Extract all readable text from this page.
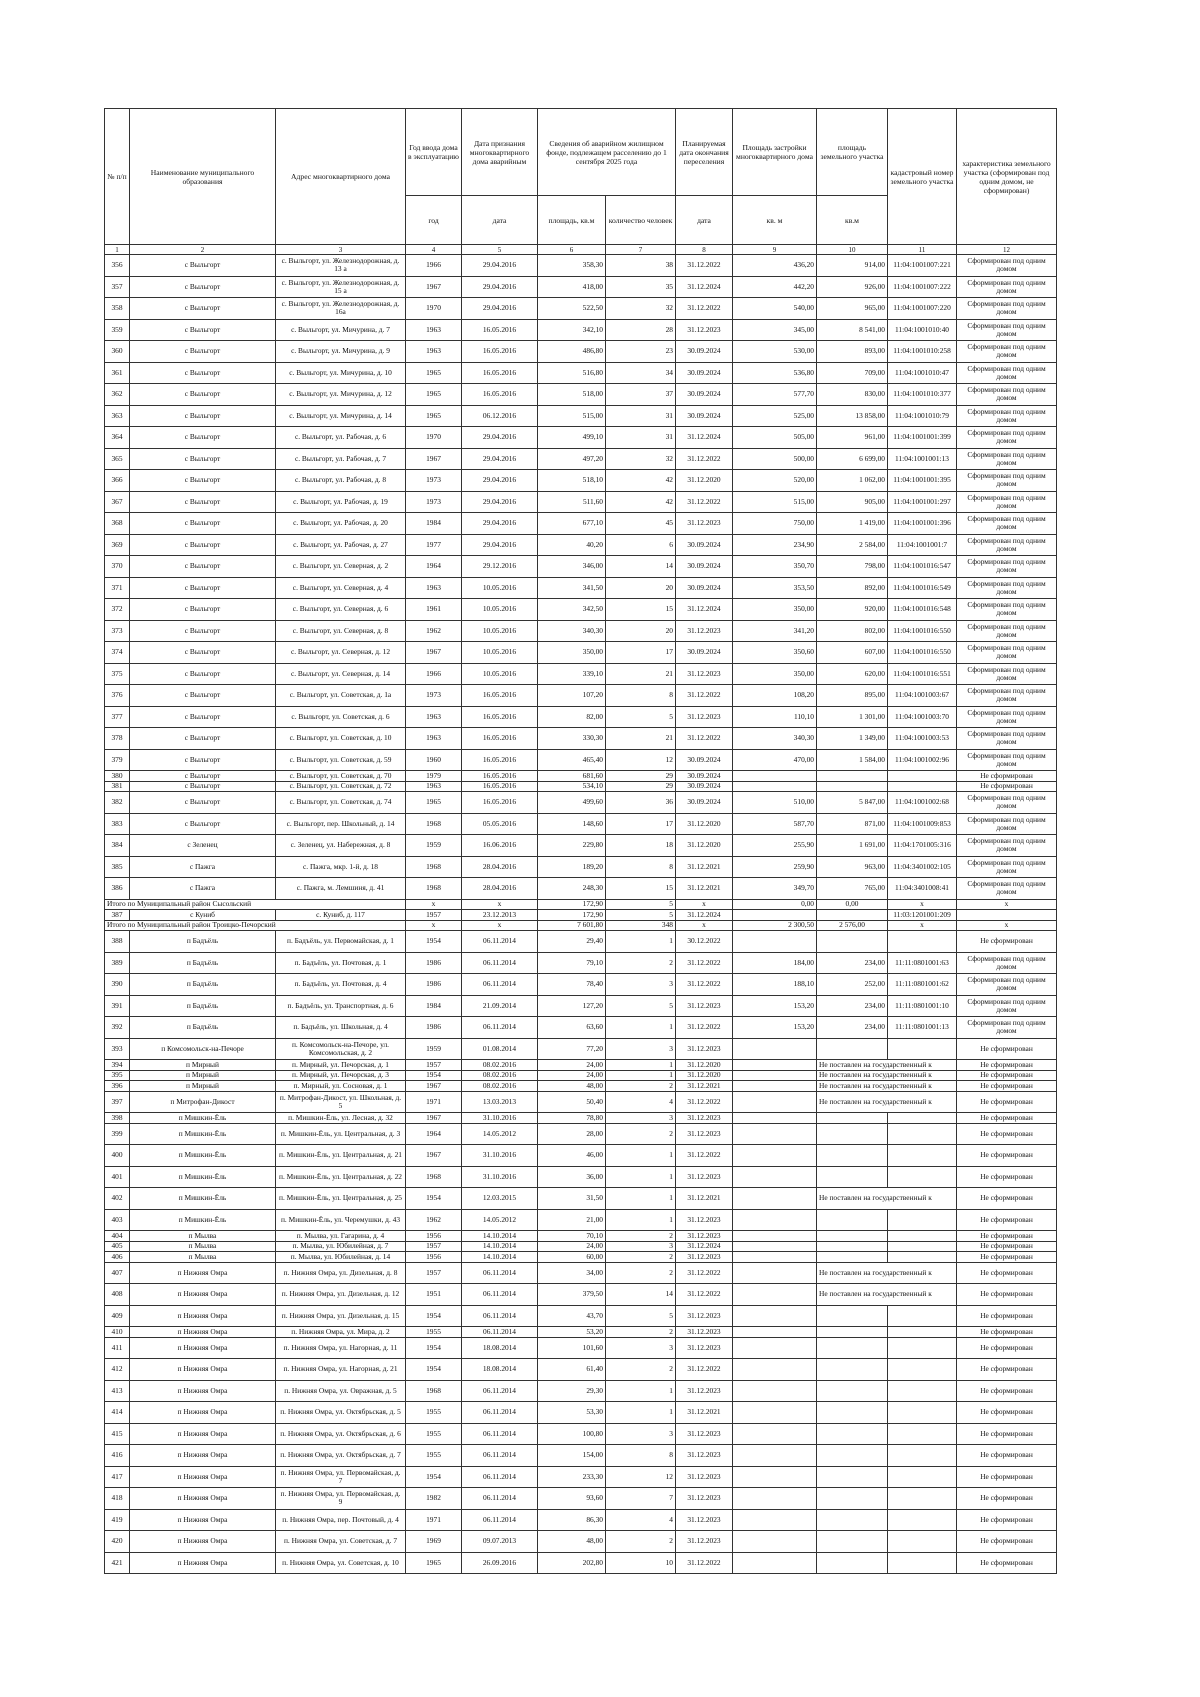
№ п/п	Наименование муниципального образования	Адрес многоквартирного дома	Год ввода дома в эксплуатацию	Дата признания многоквартирного дома аварийным	Сведения об аварийном жилищном фонде, подлежащем расселению до 1 сентября 2025 года		Планируемая дата окончания переселения	Площадь застройки многоквартирного дома	площадь земельного участка	кадастровый номер земельного участка	характеристика земельного участка (сформирован под одним домом, не сформирован)
			год	дата	площадь, кв.м	количество человек	дата	кв. м	кв.м		
1	2	3	4	5	6	7	8	9	10	11	12
356	с Выльгорт	с. Выльгорт, ул. Железнодорожная, д. 13 а	1966	29.04.2016	358,30	38	31.12.2022	436,20	914,00	11:04:1001007:221	Сформирован под одним домом
357	с Выльгорт	с. Выльгорт, ул. Железнодорожная, д. 15 а	1967	29.04.2016	418,00	35	31.12.2024	442,20	926,00	11:04:1001007:222	Сформирован под одним домом
358	с Выльгорт	с. Выльгорт, ул. Железнодорожная, д. 16а	1970	29.04.2016	522,50	32	31.12.2022	540,00	965,00	11:04:1001007:220	Сформирован под одним домом
359	с Выльгорт	с. Выльгорт, ул. Мичурина, д. 7	1963	16.05.2016	342,10	28	31.12.2023	345,00	8 541,00	11:04:1001010:40	Сформирован под одним домом
360	с Выльгорт	с. Выльгорт, ул. Мичурина, д. 9	1963	16.05.2016	486,80	23	30.09.2024	530,00	893,00	11:04:1001010:258	Сформирован под одним домом
361	с Выльгорт	с. Выльгорт, ул. Мичурина, д. 10	1965	16.05.2016	516,80	34	30.09.2024	536,80	709,00	11:04:1001010:47	Сформирован под одним домом
362	с Выльгорт	с. Выльгорт, ул. Мичурина, д. 12	1965	16.05.2016	518,00	37	30.09.2024	577,70	830,00	11:04:1001010:377	Сформирован под одним домом
363	с Выльгорт	с. Выльгорт, ул. Мичурина, д. 14	1965	06.12.2016	515,00	31	30.09.2024	525,00	13 858,00	11:04:1001010:79	Сформирован под одним домом
364	с Выльгорт	с. Выльгорт, ул. Рабочая, д. 6	1970	29.04.2016	499,10	31	31.12.2024	505,00	961,00	11:04:1001001:399	Сформирован под одним домом
365	с Выльгорт	с. Выльгорт, ул. Рабочая, д. 7	1967	29.04.2016	497,20	32	31.12.2022	500,00	6 699,00	11:04:1001001:13	Сформирован под одним домом
366	с Выльгорт	с. Выльгорт, ул. Рабочая, д. 8	1973	29.04.2016	518,10	42	31.12.2020	520,00	1 062,00	11:04:1001001:395	Сформирован под одним домом
367	с Выльгорт	с. Выльгорт, ул. Рабочая, д. 19	1973	29.04.2016	511,60	42	31.12.2022	515,00	905,00	11:04:1001001:297	Сформирован под одним домом
368	с Выльгорт	с. Выльгорт, ул. Рабочая, д. 20	1984	29.04.2016	677,10	45	31.12.2023	750,00	1 419,00	11:04:1001001:396	Сформирован под одним домом
369	с Выльгорт	с. Выльгорт, ул. Рабочая, д. 27	1977	29.04.2016	40,20	6	30.09.2024	234,90	2 584,00	11:04:1001001:7	Сформирован под одним домом
370	с Выльгорт	с. Выльгорт, ул. Северная, д. 2	1964	29.12.2016	346,00	14	30.09.2024	350,70	798,00	11:04:1001016:547	Сформирован под одним домом
371	с Выльгорт	с. Выльгорт, ул. Северная, д. 4	1963	10.05.2016	341,50	20	30.09.2024	353,50	892,00	11:04:1001016:549	Сформирован под одним домом
372	с Выльгорт	с. Выльгорт, ул. Северная, д. 6	1961	10.05.2016	342,50	15	31.12.2024	350,00	920,00	11:04:1001016:548	Сформирован под одним домом
373	с Выльгорт	с. Выльгорт, ул. Северная, д. 8	1962	10.05.2016	340,30	20	31.12.2023	341,20	802,00	11:04:1001016:550	Сформирован под одним домом
374	с Выльгорт	с. Выльгорт, ул. Северная, д. 12	1967	10.05.2016	350,00	17	30.09.2024	350,60	607,00	11:04:1001016:550	Сформирован под одним домом
375	с Выльгорт	с. Выльгорт, ул. Северная, д. 14	1966	10.05.2016	339,10	21	31.12.2023	350,00	620,00	11:04:1001016:551	Сформирован под одним домом
376	с Выльгорт	с. Выльгорт, ул. Советская, д. 1а	1973	16.05.2016	107,20	8	31.12.2022	108,20	895,00	11:04:1001003:67	Сформирован под одним домом
377	с Выльгорт	с. Выльгорт, ул. Советская, д. 6	1963	16.05.2016	82,00	5	31.12.2023	110,10	1 301,00	11:04:1001003:70	Сформирован под одним домом
378	с Выльгорт	с. Выльгорт, ул. Советская, д. 10	1963	16.05.2016	330,30	21	31.12.2022	340,30	1 349,00	11:04:1001003:53	Сформирован под одним домом
379	с Выльгорт	с. Выльгорт, ул. Советская, д. 59	1960	16.05.2016	465,40	12	30.09.2024	470,00	1 584,00	11:04:1001002:96	Сформирован под одним домом
380	с Выльгорт	с. Выльгорт, ул. Советская, д. 70	1979	16.05.2016	681,60	29	30.09.2024				Не сформирован
381	с Выльгорт	с. Выльгорт, ул. Советская, д. 72	1963	16.05.2016	534,10	29	30.09.2024				Не сформирован
382	с Выльгорт	с. Выльгорт, ул. Советская, д. 74	1965	16.05.2016	499,60	36	30.09.2024	510,00	5 847,00	11:04:1001002:68	Сформирован под одним домом
383	с Выльгорт	с. Выльгорт, пер. Школьный, д. 14	1968	05.05.2016	148,60	17	31.12.2020	587,70	871,00	11:04:1001009:853	Сформирован под одним домом
384	с Зеленец	с. Зеленец, ул. Набережная, д. 8	1959	16.06.2016	229,80	18	31.12.2020	255,90	1 691,00	11:04:1701005:316	Сформирован под одним домом
385	с Пажга	с. Пажга, мкр. 1-й, д. 18	1968	28.04.2016	189,20	8	31.12.2021	259,90	963,00	11:04:3401002:105	Сформирован под одним домом
386	с Пажга	с. Пажга, м. Лемшиня, д. 41	1968	28.04.2016	248,30	15	31.12.2021	349,70	765,00	11:04:3401008:41	Сформирован под одним домом
Итого по Муниципальный район Сысольский			x	x	172,90	5	x	0,00	0,00	x	x
387	с Куниб	с. Куниб, д. 117	1957	23.12.2013	172,90	5	31.12.2024			11:03:1201001:209	
Итого по Муниципальный район Троицко-Печорский			x	x	7 601,80	348	x	2 300,50	2 576,00	x	x
388	п Бадъёль	п. Бадъёль, ул. Первомайская, д. 1	1954	06.11.2014	29,40	1	30.12.2022				Не сформирован
389	п Бадъёль	п. Бадъёль, ул. Почтовая, д. 1	1986	06.11.2014	79,10	2	31.12.2022	184,00	234,00	11:11:0801001:63	Сформирован под одним домом
390	п Бадъёль	п. Бадъёль, ул. Почтовая, д. 4	1986	06.11.2014	78,40	3	31.12.2022	188,10	252,00	11:11:0801001:62	Сформирован под одним домом
391	п Бадъёль	п. Бадъёль, ул. Транспортная, д. 6	1984	21.09.2014	127,20	5	31.12.2023	153,20	234,00	11:11:0801001:10	Сформирован под одним домом
392	п Бадъёль	п. Бадъёль, ул. Школьная, д. 4	1986	06.11.2014	63,60	1	31.12.2022	153,20	234,00	11:11:0801001:13	Сформирован под одним домом
393	п Комсомольск-на-Печоре	п. Комсомольск-на-Печоре, ул. Комсомольская, д. 2	1959	01.08.2014	77,20	3	31.12.2023				Не сформирован
394	п Мирный	п. Мирный, ул. Печорская, д. 1	1957	08.02.2016	24,00	1	31.12.2020		Не поставлен на государственный к		Не сформирован
395	п Мирный	п. Мирный, ул. Печорская, д. 3	1954	08.02.2016	24,00	1	31.12.2020		Не поставлен на государственный к		Не сформирован
396	п Мирный	п. Мирный, ул. Сосновая, д. 1	1967	08.02.2016	48,00	2	31.12.2021		Не поставлен на государственный к		Не сформирован
397	п Митрофан-Дикост	п. Митрофан-Дикост, ул. Школьная, д. 5	1971	13.03.2013	50,40	4	31.12.2022		Не поставлен на государственный к		Не сформирован
398	п Мишкин-Ёль	п. Мишкин-Ёль, ул. Лесная, д. 32	1967	31.10.2016	78,80	3	31.12.2023				Не сформирован
399	п Мишкин-Ёль	п. Мишкин-Ёль, ул. Центральная, д. 3	1964	14.05.2012	28,00	2	31.12.2023				Не сформирован
400	п Мишкин-Ёль	п. Мишкин-Ёль, ул. Центральная, д. 21	1967	31.10.2016	46,00	1	31.12.2022				Не сформирован
401	п Мишкин-Ёль	п. Мишкин-Ёль, ул. Центральная, д. 22	1968	31.10.2016	36,00	1	31.12.2023				Не сформирован
402	п Мишкин-Ёль	п. Мишкин-Ёль, ул. Центральная, д. 25	1954	12.03.2015	31,50	1	31.12.2021		Не поставлен на государственный к		Не сформирован
403	п Мишкин-Ёль	п. Мишкин-Ёль, ул. Черемушки, д. 43	1962	14.05.2012	21,00	1	31.12.2023				Не сформирован
404	п Мылва	п. Мылва, ул. Гагарина, д. 4	1956	14.10.2014	70,10	2	31.12.2023				Не сформирован
405	п Мылва	п. Мылва, ул. Юбилейная, д. 7	1957	14.10.2014	24,00	3	31.12.2024				Не сформирован
406	п Мылва	п. Мылва, ул. Юбилейная, д. 14	1956	14.10.2014	60,00	2	31.12.2023				Не сформирован
407	п Нижняя Омра	п. Нижняя Омра, ул. Дизельная, д. 8	1957	06.11.2014	34,00	2	31.12.2022		Не поставлен на государственный к		Не сформирован
408	п Нижняя Омра	п. Нижняя Омра, ул. Дизельная, д. 12	1951	06.11.2014	379,50	14	31.12.2022		Не поставлен на государственный к		Не сформирован
409	п Нижняя Омра	п. Нижняя Омра, ул. Дизельная, д. 15	1954	06.11.2014	43,70	5	31.12.2023				Не сформирован
410	п Нижняя Омра	п. Нижняя Омра, ул. Мира, д. 2	1955	06.11.2014	53,20	2	31.12.2023				Не сформирован
411	п Нижняя Омра	п. Нижняя Омра, ул. Нагорная, д. 11	1954	18.08.2014	101,60	3	31.12.2023				Не сформирован
412	п Нижняя Омра	п. Нижняя Омра, ул. Нагорная, д. 21	1954	18.08.2014	61,40	2	31.12.2022				Не сформирован
413	п Нижняя Омра	п. Нижняя Омра, ул. Овражная, д. 5	1968	06.11.2014	29,30	1	31.12.2023				Не сформирован
414	п Нижняя Омра	п. Нижняя Омра, ул. Октябрьская, д. 5	1955	06.11.2014	53,30	1	31.12.2021				Не сформирован
415	п Нижняя Омра	п. Нижняя Омра, ул. Октябрьская, д. 6	1955	06.11.2014	100,80	3	31.12.2023				Не сформирован
416	п Нижняя Омра	п. Нижняя Омра, ул. Октябрьская, д. 7	1955	06.11.2014	154,00	8	31.12.2023				Не сформирован
417	п Нижняя Омра	п. Нижняя Омра, ул. Первомайская, д. 7	1954	06.11.2014	233,30	12	31.12.2023				Не сформирован
418	п Нижняя Омра	п. Нижняя Омра, ул. Первомайская, д. 9	1982	06.11.2014	93,60	7	31.12.2023				Не сформирован
419	п Нижняя Омра	п. Нижняя Омра, пер. Почтовый, д. 4	1971	06.11.2014	86,30	4	31.12.2023				Не сформирован
420	п Нижняя Омра	п. Нижняя Омра, ул. Советская, д. 7	1969	09.07.2013	48,00	2	31.12.2023				Не сформирован
421	п Нижняя Омра	п. Нижняя Омра, ул. Советская, д. 10	1965	26.09.2016	202,80	10	31.12.2022				Не сформирован
